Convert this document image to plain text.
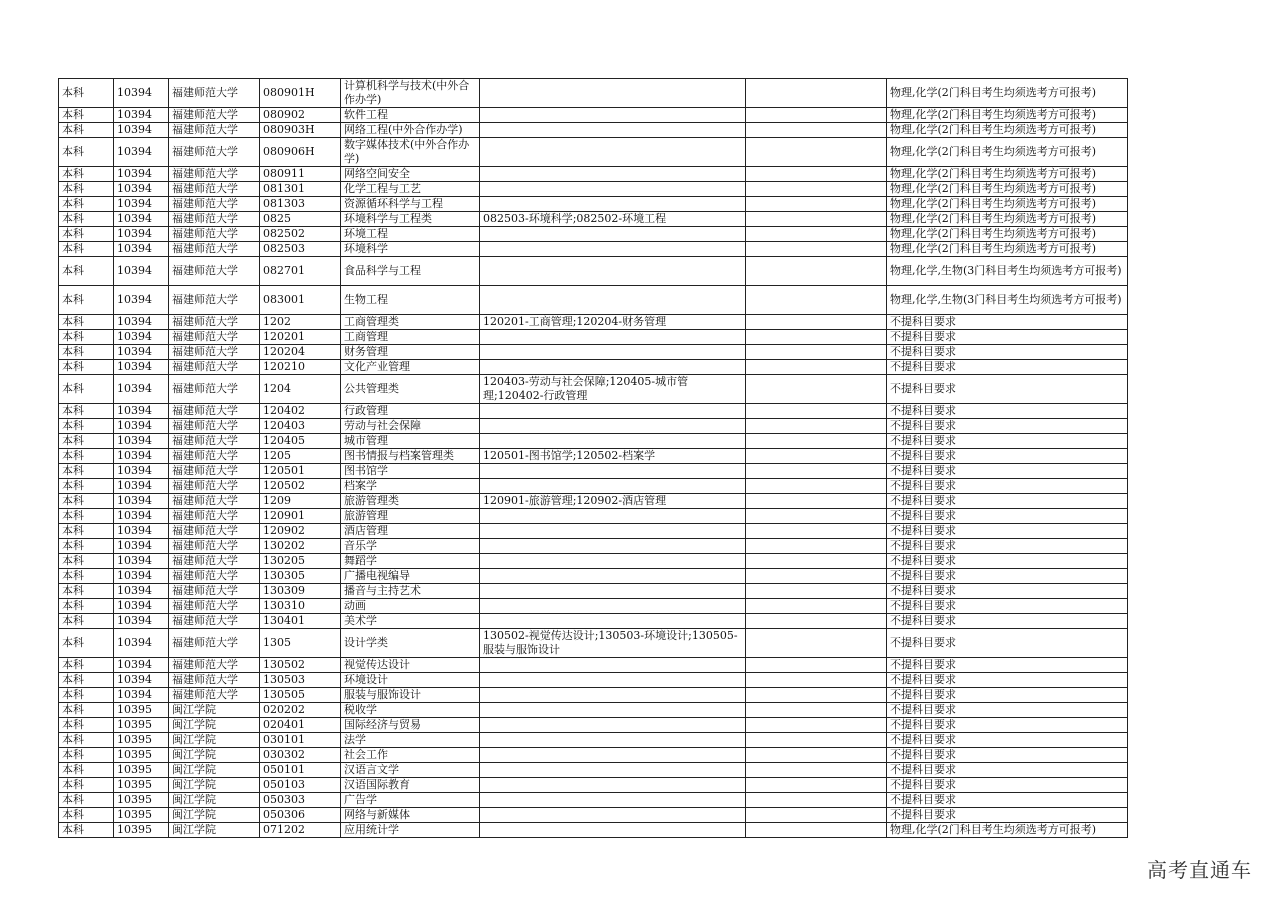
本科	10394	福建师范大学	080901H	计算机科学与技术(中外合作办学)			物理,化学(2门科目考生均须选考方可报考)
本科	10394	福建师范大学	080902	软件工程			物理,化学(2门科目考生均须选考方可报考)
本科	10394	福建师范大学	080903H	网络工程(中外合作办学)			物理,化学(2门科目考生均须选考方可报考)
本科	10394	福建师范大学	080906H	数字媒体技术(中外合作办学)			物理,化学(2门科目考生均须选考方可报考)
本科	10394	福建师范大学	080911	网络空间安全			物理,化学(2门科目考生均须选考方可报考)
本科	10394	福建师范大学	081301	化学工程与工艺			物理,化学(2门科目考生均须选考方可报考)
本科	10394	福建师范大学	081303	资源循环科学与工程			物理,化学(2门科目考生均须选考方可报考)
本科	10394	福建师范大学	0825	环境科学与工程类	082503-环境科学;082502-环境工程		物理,化学(2门科目考生均须选考方可报考)
本科	10394	福建师范大学	082502	环境工程			物理,化学(2门科目考生均须选考方可报考)
本科	10394	福建师范大学	082503	环境科学			物理,化学(2门科目考生均须选考方可报考)
本科	10394	福建师范大学	082701	食品科学与工程			物理,化学,生物(3门科目考生均须选考方可报考)
本科	10394	福建师范大学	083001	生物工程			物理,化学,生物(3门科目考生均须选考方可报考)
本科	10394	福建师范大学	1202	工商管理类	120201-工商管理;120204-财务管理		不提科目要求
本科	10394	福建师范大学	120201	工商管理			不提科目要求
本科	10394	福建师范大学	120204	财务管理			不提科目要求
本科	10394	福建师范大学	120210	文化产业管理			不提科目要求
本科	10394	福建师范大学	1204	公共管理类	120403-劳动与社会保障;120405-城市管理;120402-行政管理		不提科目要求
本科	10394	福建师范大学	120402	行政管理			不提科目要求
本科	10394	福建师范大学	120403	劳动与社会保障			不提科目要求
本科	10394	福建师范大学	120405	城市管理			不提科目要求
本科	10394	福建师范大学	1205	图书情报与档案管理类	120501-图书馆学;120502-档案学		不提科目要求
本科	10394	福建师范大学	120501	图书馆学			不提科目要求
本科	10394	福建师范大学	120502	档案学			不提科目要求
本科	10394	福建师范大学	1209	旅游管理类	120901-旅游管理;120902-酒店管理		不提科目要求
本科	10394	福建师范大学	120901	旅游管理			不提科目要求
本科	10394	福建师范大学	120902	酒店管理			不提科目要求
本科	10394	福建师范大学	130202	音乐学			不提科目要求
本科	10394	福建师范大学	130205	舞蹈学			不提科目要求
本科	10394	福建师范大学	130305	广播电视编导			不提科目要求
本科	10394	福建师范大学	130309	播音与主持艺术			不提科目要求
本科	10394	福建师范大学	130310	动画			不提科目要求
本科	10394	福建师范大学	130401	美术学			不提科目要求
本科	10394	福建师范大学	1305	设计学类	130502-视觉传达设计;130503-环境设计;130505-服装与服饰设计		不提科目要求
本科	10394	福建师范大学	130502	视觉传达设计			不提科目要求
本科	10394	福建师范大学	130503	环境设计			不提科目要求
本科	10394	福建师范大学	130505	服装与服饰设计			不提科目要求
本科	10395	闽江学院	020202	税收学			不提科目要求
本科	10395	闽江学院	020401	国际经济与贸易			不提科目要求
本科	10395	闽江学院	030101	法学			不提科目要求
本科	10395	闽江学院	030302	社会工作			不提科目要求
本科	10395	闽江学院	050101	汉语言文学			不提科目要求
本科	10395	闽江学院	050103	汉语国际教育			不提科目要求
本科	10395	闽江学院	050303	广告学			不提科目要求
本科	10395	闽江学院	050306	网络与新媒体			不提科目要求
本科	10395	闽江学院	071202	应用统计学			物理,化学(2门科目考生均须选考方可报考)
高考直通车
